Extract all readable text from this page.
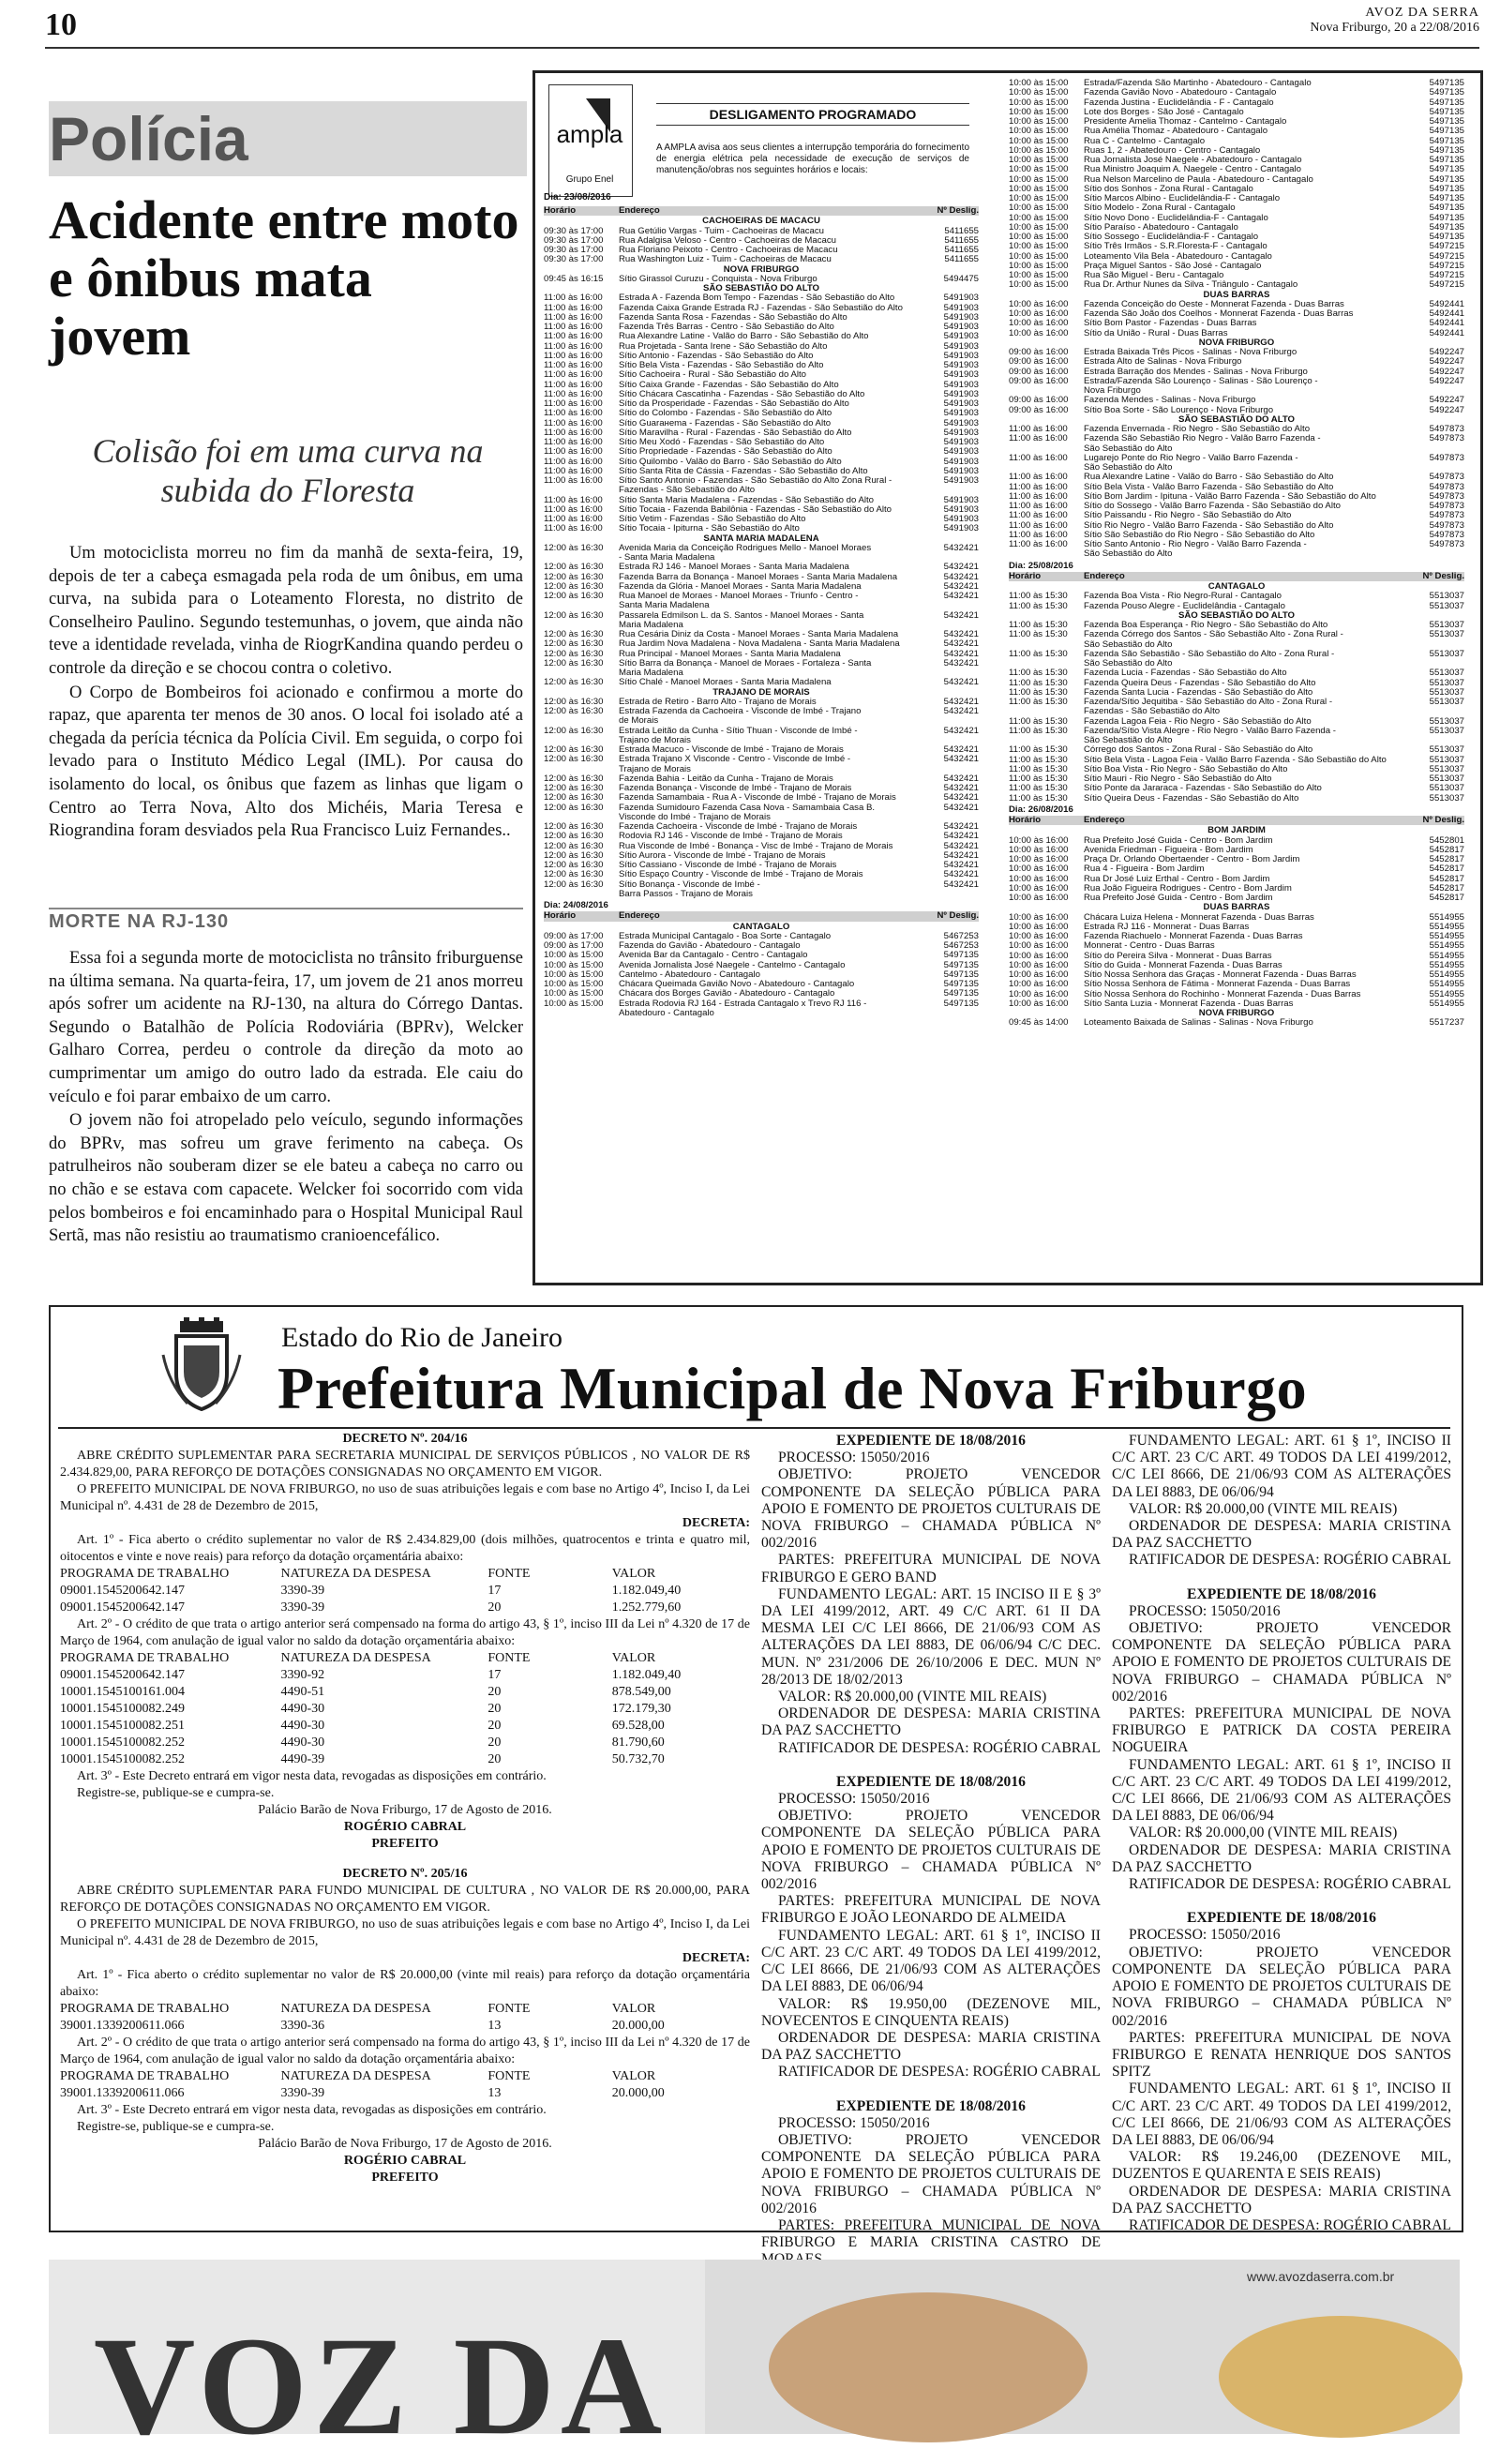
10	AVOZ DA SERRA
Nova Friburgo, 20 a 22/08/2016
Polícia
Acidente entre moto e ônibus mata jovem
Colisão foi em uma curva na subida do Floresta

Um motociclista morreu no fim da manhã de sexta-feira, 19, depois de ter a cabeça esmagada pela roda de um ônibus, em uma curva, na subida para o Loteamento Floresta, no distrito de Conselheiro Paulino. Segundo testemunhas, o jovem, que ainda não teve a identidade revelada, vinha de RiogrKandina quando perdeu o controle da direção e se chocou contra o coletivo.

O Corpo de Bombeiros foi acionado e confirmou a morte do rapaz, que aparenta ter menos de 30 anos. O local foi isolado até a chegada da perícia técnica da Polícia Civil. Em seguida, o corpo foi levado para o Instituto Médico Legal (IML). Por causa do isolamento do local, os ônibus que fazem as linhas que ligam o Centro ao Terra Nova, Alto dos Michéis, Maria Teresa e Riograndina foram desviados pela Rua Francisco Luiz Fernandes..

MORTE NA RJ-130

Essa foi a segunda morte de motociclista no trânsito friburguense na última semana. Na quarta-feira, 17, um jovem de 21 anos morreu após sofrer um acidente na RJ-130, na altura do Córrego Dantas. Segundo o Batalhão de Polícia Rodoviária (BPRv), Welcker Galharo Correa, perdeu o controle da direção da moto ao cumprimentar um amigo do outro lado da estrada. Ele caiu do veículo e foi parar embaixo de um carro.

O jovem não foi atropelado pelo veículo, segundo informações do BPRv, mas sofreu um grave ferimento na cabeça. Os patrulheiros não souberam dizer se ele bateu a cabeça no carro ou no chão e se estava com capacete. Welcker foi socorrido com vida pelos bombeiros e foi encaminhado para o Hospital Municipal Raul Sertã, mas não resistiu ao traumatismo cranioencefálico.

ampla
Grupo Enel
DESLIGAMENTO PROGRAMADO
A AMPLA avisa aos seus clientes a interrupção temporária do fornecimento de energia elétrica pela necessidade de execução de serviços de manutenção/obras nos seguintes horários e locais:
Dia: 23/08/2016
Horário	Endereço	Nº Deslig.
CACHOEIRAS DE MACACU
09:30 às 17:00	Rua Getúlio Vargas - Tuim - Cachoeiras de Macacu	5411655
09:30 às 17:00	Rua Adalgisa Veloso - Centro - Cachoeiras de Macacu	5411655
09:30 às 17:00	Rua Floriano Peixoto - Centro - Cachoeiras de Macacu	5411655
09:30 às 17:00	Rua Washington Luiz - Tuim - Cachoeiras de Macacu	5411655
NOVA FRIBURGO
09:45 às 16:15	Sítio Girassol Curuzu - Conquista - Nova Friburgo	5494475
SÃO SEBASTIÃO DO ALTO
11:00 às 16:00	Estrada A - Fazenda Bom Tempo - Fazendas - São Sebastião do Alto	5491903
11:00 às 16:00	Fazenda Caixa Grande Estrada RJ - Fazendas - São Sebastião do Alto	5491903
11:00 às 16:00	Fazenda Santa Rosa - Fazendas - São Sebastião do Alto	5491903
11:00 às 16:00	Fazenda Três Barras - Centro - São Sebastião do Alto	5491903
11:00 às 16:00	Rua Alexandre Latine - Valão do Barro - São Sebastião do Alto	5491903
11:00 às 16:00	Rua Projetada - Santa Irene - São Sebastião do Alto	5491903
11:00 às 16:00	Sítio Antonio - Fazendas - São Sebastião do Alto	5491903
11:00 às 16:00	Sítio Bela Vista - Fazendas - São Sebastião do Alto	5491903
11:00 às 16:00	Sítio Cachoeira - Rural - São Sebastião do Alto	5491903
11:00 às 16:00	Sítio Caixa Grande - Fazendas - São Sebastião do Alto	5491903
11:00 às 16:00	Sítio Chácara Cascatinha - Fazendas - São Sebastião do Alto	5491903
11:00 às 16:00	Sítio da Prosperidade - Fazendas - São Sebastião do Alto	5491903
11:00 às 16:00	Sítio do Colombo - Fazendas - São Sebastião do Alto	5491903
11:00 às 16:00	Sítio Guarанema - Fazendas - São Sebastião do Alto	5491903
11:00 às 16:00	Sítio Maravilha - Rural - Fazendas - São Sebastião do Alto	5491903
11:00 às 16:00	Sítio Meu Xodó - Fazendas - São Sebastião do Alto	5491903
11:00 às 16:00	Sítio Propriedade - Fazendas - São Sebastião do Alto	5491903
11:00 às 16:00	Sítio Quilombo - Valão do Barro - São Sebastião do Alto	5491903
11:00 às 16:00	Sítio Santa Rita de Cássia - Fazendas - São Sebastião do Alto	5491903
11:00 às 16:00	Sítio Santo Antonio - Fazendas - São Sebastião do Alto Zona Rural -	5491903
Fazendas - São Sebastião do Alto
11:00 às 16:00	Sítio Santa Maria Madalena - Fazendas - São Sebastião do Alto	5491903
11:00 às 16:00	Sítio Tocaia - Fazenda Babilônia - Fazendas - São Sebastião do Alto	5491903
11:00 às 16:00	Sítio Vetim - Fazendas - São Sebastião do Alto	5491903
11:00 às 16:00	Sítio Tocaia - Ipiturna - São Sebastião do Alto	5491903
SANTA MARIA MADALENA
12:00 às 16:30	Avenida Maria da Conceição Rodrigues Mello - Manoel Moraes	5432421
- Santa Maria Madalena
12:00 às 16:30	Estrada RJ 146 - Manoel Moraes - Santa Maria Madalena	5432421
12:00 às 16:30	Fazenda Barra da Bonança - Manoel Moraes - Santa Maria Madalena	5432421
12:00 às 16:30	Fazenda da Glória - Manoel Moraes - Santa Maria Madalena	5432421
12:00 às 16:30	Rua Manoel de Moraes - Manoel Moraes - Triunfo - Centro -	5432421
Santa Maria Madalena
12:00 às 16:30	Passarela Edmilson L. da S. Santos - Manoel Moraes - Santa	5432421
Maria Madalena
12:00 às 16:30	Rua Cesária Diniz da Costa - Manoel Moraes - Santa Maria Madalena	5432421
12:00 às 16:30	Rua Jardim Nova Madalena - Nova Madalena - Santa Maria Madalena	5432421
12:00 às 16:30	Rua Principal - Manoel Moraes - Santa Maria Madalena	5432421
12:00 às 16:30	Sítio Barra da Bonança - Manoel de Moraes - Fortaleza - Santa	5432421
Maria Madalena
12:00 às 16:30	Sítio Chalé - Manoel Moraes - Santa Maria Madalena	5432421
TRAJANO DE MORAIS
12:00 às 16:30	Estrada de Retiro - Barro Alto - Trajano de Morais	5432421
12:00 às 16:30	Estrada Fazenda da Cachoeira - Visconde de Imbé - Trajano	5432421
de Morais
12:00 às 16:30	Estrada Leitão da Cunha - Sítio Thuan - Visconde de Imbé -	5432421
Trajano de Morais
12:00 às 16:30	Estrada Macuco - Visconde de Imbé - Trajano de Morais	5432421
12:00 às 16:30	Estrada Trajano X Visconde - Centro - Visconde de Imbé -	5432421
Trajano de Morais
12:00 às 16:30	Fazenda Bahia - Leitão da Cunha - Trajano de Morais	5432421
12:00 às 16:30	Fazenda Bonança - Visconde de Imbé - Trajano de Morais	5432421
12:00 às 16:30	Fazenda Samambaia - Rua A - Visconde de Imbé - Trajano de Morais	5432421
12:00 às 16:30	Fazenda Sumidouro Fazenda Casa Nova - Samambaia Casa B.	5432421
Visconde do Imbé - Trajano de Morais
12:00 às 16:30	Fazenda Cachoeira - Visconde de Imbé - Trajano de Morais	5432421
12:00 às 16:30	Rodovia RJ 146 - Visconde de Imbé - Trajano de Morais	5432421
12:00 às 16:30	Rua Visconde de Imbé - Bonança - Visc de Imbé - Trajano de Morais	5432421
12:00 às 16:30	Sítio Aurora - Visconde de Imbé - Trajano de Morais	5432421
12:00 às 16:30	Sítio Cassiano - Visconde de Imbé - Trajano de Morais	5432421
12:00 às 16:30	Sítio Espaço Country - Visconde de Imbé - Trajano de Morais	5432421
12:00 às 16:30	Sítio Bonança - Visconde de Imbé -	5432421
Barra Passos - Trajano de Morais
Dia: 24/08/2016
Horário	Endereço	Nº Deslig.
CANTAGALO
09:00 às 17:00	Estrada Municipal Cantagalo - Boa Sorte - Cantagalo	5467253
09:00 às 17:00	Fazenda do Gavião - Abatedouro - Cantagalo	5467253
10:00 às 15:00	Avenida Bar da Cantagalo - Centro - Cantagalo	5497135
10:00 às 15:00	Avenida Jornalista José Naegele - Cantelmo - Cantagalo	5497135
10:00 às 15:00	Cantelmo - Abatedouro - Cantagalo	5497135
10:00 às 15:00	Chácara Queimada Gavião Novo - Abatedouro - Cantagalo	5497135
10:00 às 15:00	Chácara dos Borges Gavião - Abatedouro - Cantagalo	5497135
10:00 às 15:00	Estrada Rodovia RJ 164 - Estrada Cantagalo x Trevo RJ 116 -	5497135
Abatedouro - Cantagalo
10:00 às 15:00	Estrada/Fazenda São Martinho - Abatedouro - Cantagalo	5497135
10:00 às 15:00	Fazenda Gavião Novo - Abatedouro - Cantagalo	5497135
10:00 às 15:00	Fazenda Justina - Euclidelândia - F - Cantagalo	5497135
10:00 às 15:00	Lote dos Borges - São José - Cantagalo	5497135
10:00 às 15:00	Presidente Amelia Thomaz - Cantelmo - Cantagalo	5497135
10:00 às 15:00	Rua Amélia Thomaz - Abatedouro - Cantagalo	5497135
10:00 às 15:00	Rua C - Cantelmo - Cantagalo	5497135
10:00 às 15:00	Ruas 1, 2 - Abatedouro - Centro - Cantagalo	5497135
10:00 às 15:00	Rua Jornalista José Naegele - Abatedouro - Cantagalo	5497135
10:00 às 15:00	Rua Ministro Joaquim A. Naegele - Centro - Cantagalo	5497135
10:00 às 15:00	Rua Nelson Marcelino de Paula - Abatedouro - Cantagalo	5497135
10:00 às 15:00	Sítio dos Sonhos - Zona Rural - Cantagalo	5497135
10:00 às 15:00	Sítio Marcos Albino - Euclidelândia-F - Cantagalo	5497135
10:00 às 15:00	Sítio Modelo - Zona Rural - Cantagalo	5497135
10:00 às 15:00	Sítio Novo Dono - Euclidelândia-F - Cantagalo	5497135
10:00 às 15:00	Sítio Paraíso - Abatedouro - Cantagalo	5497135
10:00 às 15:00	Sítio Sossego - Euclidelândia-F - Cantagalo	5497135
10:00 às 15:00	Sítio Três Irmãos - S.R.Floresta-F - Cantagalo	5497215
10:00 às 15:00	Loteamento Vila Bela - Abatedouro - Cantagalo	5497215
10:00 às 15:00	Praça Miguel Santos - São José - Cantagalo	5497215
10:00 às 15:00	Rua São Miguel - Beru - Cantagalo	5497215
10:00 às 15:00	Rua Dr. Arthur Nunes da Silva - Triângulo - Cantagalo	5497215
DUAS BARRAS
10:00 às 16:00	Fazenda Conceição do Oeste - Monnerat Fazenda - Duas Barras	5492441
10:00 às 16:00	Fazenda São João dos Coelhos - Monnerat Fazenda - Duas Barras	5492441
10:00 às 16:00	Sítio Bom Pastor - Fazendas - Duas Barras	5492441
10:00 às 16:00	Sítio da União - Rural - Duas Barras	5492441
NOVA FRIBURGO
09:00 às 16:00	Estrada Baixada Três Picos - Salinas - Nova Friburgo	5492247
09:00 às 16:00	Estrada Alto de Salinas - Nova Friburgo	5492247
09:00 às 16:00	Estrada Barração dos Mendes - Salinas - Nova Friburgo	5492247
09:00 às 16:00	Estrada/Fazenda São Lourenço - Salinas - São Lourenço -	5492247
Nova Friburgo
09:00 às 16:00	Fazenda Mendes - Salinas - Nova Friburgo	5492247
09:00 às 16:00	Sítio Boa Sorte - São Lourenço - Nova Friburgo	5492247
SÃO SEBASTIÃO DO ALTO
11:00 às 16:00	Fazenda Envernada - Rio Negro - São Sebastião do Alto	5497873
11:00 às 16:00	Fazenda São Sebastião Rio Negro - Valão Barro Fazenda -	5497873
São Sebastião do Alto
11:00 às 16:00	Lugarejo Ponte do Rio Negro - Valão Barro Fazenda -	5497873
São Sebastião do Alto
11:00 às 16:00	Rua Alexandre Latine - Valão do Barro - São Sebastião do Alto	5497873
11:00 às 16:00	Sítio Bela Vista - Valão Barro Fazenda - São Sebastião do Alto	5497873
11:00 às 16:00	Sítio Bom Jardim - Ipituna - Valão Barro Fazenda - São Sebastião do Alto	5497873
11:00 às 16:00	Sítio do Sossego - Valão Barro Fazenda - São Sebastião do Alto	5497873
11:00 às 16:00	Sítio Paissandu - Rio Negro - São Sebastião do Alto	5497873
11:00 às 16:00	Sítio Rio Negro - Valão Barro Fazenda - São Sebastião do Alto	5497873
11:00 às 16:00	Sítio São Sebastião do Rio Negro - São Sebastião do Alto	5497873
11:00 às 16:00	Sítio Santo Antonio - Rio Negro - Valão Barro Fazenda -	5497873
São Sebastião do Alto
Dia: 25/08/2016
Horário	Endereço	Nº Deslig.
CANTAGALO
11:00 às 15:30	Fazenda Boa Vista - Rio Negro-Rural - Cantagalo	5513037
11:00 às 15:30	Fazenda Pouso Alegre - Euclidelândia - Cantagalo	5513037
SÃO SEBASTIÃO DO ALTO
11:00 às 15:30	Fazenda Boa Esperança - Rio Negro - São Sebastião do Alto	5513037
11:00 às 15:30	Fazenda Córrego dos Santos - São Sebastião Alto - Zona Rural -	5513037
São Sebastião do Alto
11:00 às 15:30	Fazenda São Sebastião - São Sebastião do Alto - Zona Rural -	5513037
São Sebastião do Alto
11:00 às 15:30	Fazenda Lucia - Fazendas - São Sebastião do Alto	5513037
11:00 às 15:30	Fazenda Queira Deus - Fazendas - São Sebastião do Alto	5513037
11:00 às 15:30	Fazenda Santa Lucia - Fazendas - São Sebastião do Alto	5513037
11:00 às 15:30	Fazenda/Sítio Jequitiba - São Sebastião do Alto - Zona Rural -	5513037
Fazendas - São Sebastião do Alto
11:00 às 15:30	Fazenda Lagoa Feia - Rio Negro - São Sebastião do Alto	5513037
11:00 às 15:30	Fazenda/Sítio Vista Alegre - Rio Negro - Valão Barro Fazenda -	5513037
São Sebastião do Alto
11:00 às 15:30	Córrego dos Santos - Zona Rural - São Sebastião do Alto	5513037
11:00 às 15:30	Sítio Bela Vista - Lagoa Feia - Valão Barro Fazenda - São Sebastião do Alto	5513037
11:00 às 15:30	Sítio Boa Vista - Rio Negro - São Sebastião do Alto	5513037
11:00 às 15:30	Sítio Mauri - Rio Negro - São Sebastião do Alto	5513037
11:00 às 15:30	Sítio Ponte da Jararaca - Fazendas - São Sebastião do Alto	5513037
11:00 às 15:30	Sítio Queira Deus - Fazendas - São Sebastião do Alto	5513037
Dia: 26/08/2016
Horário	Endereço	Nº Deslig.
BOM JARDIM
10:00 às 16:00	Rua Prefeito José Guida - Centro - Bom Jardim	5452801
10:00 às 16:00	Avenida Friedman - Figueira - Bom Jardim	5452817
10:00 às 16:00	Praça Dr. Orlando Obertaender - Centro - Bom Jardim	5452817
10:00 às 16:00	Rua 4 - Figueira - Bom Jardim	5452817
10:00 às 16:00	Rua Dr José Luiz Erthal - Centro - Bom Jardim	5452817
10:00 às 16:00	Rua João Figueira Rodrigues - Centro - Bom Jardim	5452817
10:00 às 16:00	Rua Prefeito José Guida - Centro - Bom Jardim	5452817
DUAS BARRAS
10:00 às 16:00	Chácara Luiza Helena - Monnerat Fazenda - Duas Barras	5514955
10:00 às 16:00	Estrada RJ 116 - Monnerat - Duas Barras	5514955
10:00 às 16:00	Fazenda Riachuelo - Monnerat Fazenda - Duas Barras	5514955
10:00 às 16:00	Monnerat - Centro - Duas Barras	5514955
10:00 às 16:00	Sítio do Pereira Silva - Monnerat - Duas Barras	5514955
10:00 às 16:00	Sítio do Guida - Monnerat Fazenda - Duas Barras	5514955
10:00 às 16:00	Sítio Nossa Senhora das Graças - Monnerat Fazenda - Duas Barras	5514955
10:00 às 16:00	Sítio Nossa Senhora de Fátima - Monnerat Fazenda - Duas Barras	5514955
10:00 às 16:00	Sítio Nossa Senhora do Rochinho - Monnerat Fazenda - Duas Barras	5514955
10:00 às 16:00	Sítio Santa Luzia - Monnerat Fazenda - Duas Barras	5514955
NOVA FRIBURGO
09:45 às 14:00	Loteamento Baixada de Salinas - Salinas - Nova Friburgo	5517237
Estado do Rio de Janeiro
Prefeitura Municipal de Nova Friburgo

DECRETO Nº. 204/16

ABRE CRÉDITO SUPLEMENTAR PARA SECRETARIA MUNICIPAL DE SERVIÇOS PÚBLICOS , NO VALOR DE R$ 2.434.829,00, PARA REFORÇO DE DOTAÇÕES CONSIGNADAS NO ORÇAMENTO EM VIGOR.

O PREFEITO MUNICIPAL DE NOVA FRIBURGO, no uso de suas atribuições legais e com base no Artigo 4º, Inciso I, da Lei Municipal nº. 4.431 de 28 de Dezembro de 2015,

DECRETA:

Art. 1º - Fica aberto o crédito suplementar no valor de R$ 2.434.829,00 (dois milhões, quatrocentos e trinta e quatro mil, oitocentos e vinte e nove reais) para reforço da dotação orçamentária abaixo:

PROGRAMA DE TRABALHO	NATUREZA DA DESPESA	FONTE	VALOR
09001.1545200642.147	3390-39	17	1.182.049,40
09001.1545200642.147	3390-39	20	1.252.779,60

Art. 2º - O crédito de que trata o artigo anterior será compensado na forma do artigo 43, § 1º, inciso III da Lei nº 4.320 de 17 de Março de 1964, com anulação de igual valor no saldo da dotação orçamentária abaixo:

PROGRAMA DE TRABALHO	NATUREZA DA DESPESA	FONTE	VALOR
09001.1545200642.147	3390-92	17	1.182.049,40
10001.1545100161.004	4490-51	20	878.549,00
10001.1545100082.249	4490-30	20	172.179,30
10001.1545100082.251	4490-30	20	69.528,00
10001.1545100082.252	4490-30	20	81.790,60
10001.1545100082.252	4490-39	20	50.732,70

Art. 3º - Este Decreto entrará em vigor nesta data, revogadas as disposições em contrário.

Registre-se, publique-se e cumpra-se.

Palácio Barão de Nova Friburgo, 17 de Agosto de 2016.

ROGÉRIO CABRAL

PREFEITO

DECRETO Nº. 205/16

ABRE CRÉDITO SUPLEMENTAR PARA FUNDO MUNICIPAL DE CULTURA , NO VALOR DE R$ 20.000,00, PARA REFORÇO DE DOTAÇÕES CONSIGNADAS NO ORÇAMENTO EM VIGOR.

O PREFEITO MUNICIPAL DE NOVA FRIBURGO, no uso de suas atribuições legais e com base no Artigo 4º, Inciso I, da Lei Municipal nº. 4.431 de 28 de Dezembro de 2015,

DECRETA:

Art. 1º - Fica aberto o crédito suplementar no valor de R$ 20.000,00 (vinte mil reais) para reforço da dotação orçamentária abaixo:

PROGRAMA DE TRABALHO	NATUREZA DA DESPESA	FONTE	VALOR
39001.1339200611.066	3390-36	13	20.000,00

Art. 2º - O crédito de que trata o artigo anterior será compensado na forma do artigo 43, § 1º, inciso III da Lei nº 4.320 de 17 de Março de 1964, com anulação de igual valor no saldo da dotação orçamentária abaixo:

PROGRAMA DE TRABALHO	NATUREZA DA DESPESA	FONTE	VALOR
39001.1339200611.066	3390-39	13	20.000,00

Art. 3º - Este Decreto entrará em vigor nesta data, revogadas as disposições em contrário.

Registre-se, publique-se e cumpra-se.

Palácio Barão de Nova Friburgo, 17 de Agosto de 2016.

ROGÉRIO CABRAL

PREFEITO

EXPEDIENTE DE 18/08/2016

PROCESSO: 15050/2016

OBJETIVO: PROJETO VENCEDOR COMPONENTE DA SELEÇÃO PÚBLICA PARA APOIO E FOMENTO DE PROJETOS CULTURAIS DE NOVA FRIBURGO – CHAMADA PÚBLICA Nº 002/2016

PARTES: PREFEITURA MUNICIPAL DE NOVA FRIBURGO E GERO BAND

FUNDAMENTO LEGAL: ART. 15 INCISO II E § 3º DA LEI 4199/2012, ART. 49 C/C ART. 61 II DA MESMA LEI C/C LEI 8666, DE 21/06/93 COM AS ALTERAÇÕES DA LEI 8883, DE 06/06/94 C/C DEC. MUN. Nº 231/2006 DE 26/10/2006 E DEC. MUN Nº 28/2013 DE 18/02/2013

VALOR: R$ 20.000,00 (VINTE MIL REAIS)

ORDENADOR DE DESPESA: MARIA CRISTINA DA PAZ SACCHETTO

RATIFICADOR DE DESPESA: ROGÉRIO CABRAL

EXPEDIENTE DE 18/08/2016

PROCESSO: 15050/2016

OBJETIVO: PROJETO VENCEDOR COMPONENTE DA SELEÇÃO PÚBLICA PARA APOIO E FOMENTO DE PROJETOS CULTURAIS DE NOVA FRIBURGO – CHAMADA PÚBLICA Nº 002/2016

PARTES: PREFEITURA MUNICIPAL DE NOVA FRIBURGO E JOÃO LEONARDO DE ALMEIDA

FUNDAMENTO LEGAL: ART. 61 § 1º, INCISO II C/C ART. 23 C/C ART. 49 TODOS DA LEI 4199/2012, C/C LEI 8666, DE 21/06/93 COM AS ALTERAÇÕES DA LEI 8883, DE 06/06/94

VALOR: R$ 19.950,00 (DEZENOVE MIL, NOVECENTOS E CINQUENTA REAIS)

ORDENADOR DE DESPESA: MARIA CRISTINA DA PAZ SACCHETTO

RATIFICADOR DE DESPESA: ROGÉRIO CABRAL

EXPEDIENTE DE 18/08/2016

PROCESSO: 15050/2016

OBJETIVO: PROJETO VENCEDOR COMPONENTE DA SELEÇÃO PÚBLICA PARA APOIO E FOMENTO DE PROJETOS CULTURAIS DE NOVA FRIBURGO – CHAMADA PÚBLICA Nº 002/2016

PARTES: PREFEITURA MUNICIPAL DE NOVA FRIBURGO E MARIA CRISTINA CASTRO DE

FUNDAMENTO LEGAL: ART. 61 § 1º, INCISO II C/C ART. 23 C/C ART. 49 TODOS DA LEI 4199/2012, C/C LEI 8666, DE 21/06/93 COM AS ALTERAÇÕES DA LEI 8883, DE 06/06/94

VALOR: R$ 20.000,00 (VINTE MIL REAIS)

ORDENADOR DE DESPESA: MARIA CRISTINA DA PAZ SACCHETTO

RATIFICADOR DE DESPESA: ROGÉRIO CABRAL

EXPEDIENTE DE 18/08/2016

PROCESSO: 15050/2016

OBJETIVO: PROJETO VENCEDOR COMPONENTE DA SELEÇÃO PÚBLICA PARA APOIO E FOMENTO DE PROJETOS CULTURAIS DE NOVA FRIBURGO – CHAMADA PÚBLICA Nº 002/2016

PARTES: PREFEITURA MUNICIPAL DE NOVA FRIBURGO E PATRICK DA COSTA PEREIRA NOGUEIRA

FUNDAMENTO LEGAL: ART. 61 § 1º, INCISO II C/C ART. 23 C/C ART. 49 TODOS DA LEI 4199/2012, C/C LEI 8666, DE 21/06/93 COM AS ALTERAÇÕES DA LEI 8883, DE 06/06/94

VALOR: R$ 20.000,00 (VINTE MIL REAIS)

ORDENADOR DE DESPESA: MARIA CRISTINA DA PAZ SACCHETTO

RATIFICADOR DE DESPESA: ROGÉRIO CABRAL

EXPEDIENTE DE 18/08/2016

PROCESSO: 15050/2016

OBJETIVO: PROJETO VENCEDOR COMPONENTE DA SELEÇÃO PÚBLICA PARA APOIO E FOMENTO DE PROJETOS CULTURAIS DE NOVA FRIBURGO – CHAMADA PÚBLICA Nº 002/2016

PARTES: PREFEITURA MUNICIPAL DE NOVA FRIBURGO E RENATA HENRIQUE DOS SANTOS SPITZ

FUNDAMENTO LEGAL: ART. 61 § 1º, INCISO II C/C ART. 23 C/C ART. 49 TODOS DA LEI 4199/2012, C/C LEI 8666, DE 21/06/93 COM AS ALTERAÇÕES DA LEI 8883, DE 06/06/94

VALOR: R$ 19.246,00 (DEZENOVE MIL, DUZENTOS E QUARENTA E SEIS REAIS)

ORDENADOR DE DESPESA: MARIA CRISTINA DA PAZ SACCHETTO

RATIFICADOR DE DESPESA: ROGÉRIO CABRAL

VOZ DA
www.avozdaserra.com.br
